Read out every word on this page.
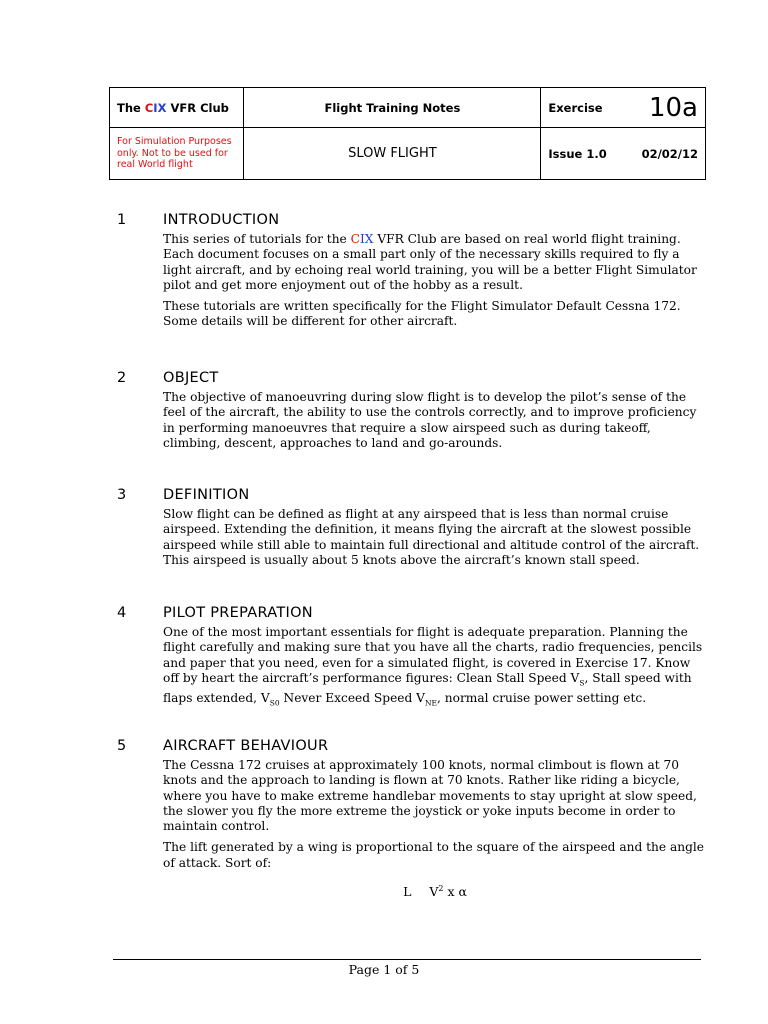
The CIX VFR Club	Flight Training Notes	Exercise 10a

For Simulation Purposes only. Not to be used for real World flight	SLOW FLIGHT	Issue 1.0 02/02/12
1	INTRODUCTION

This series of tutorials for the CIX VFR Club are based on real world flight training. Each document focuses on a small part only of the necessary skills required to fly a light aircraft, and by echoing real world training, you will be a better Flight Simulator pilot and get more enjoyment out of the hobby as a result.

These tutorials are written specifically for the Flight Simulator Default Cessna 172. Some details will be different for other aircraft.

2	OBJECT

The objective of manoeuvring during slow flight is to develop the pilot’s sense of the feel of the aircraft, the ability to use the controls correctly, and to improve proficiency in performing manoeuvres that require a slow airspeed such as during takeoff, climbing, descent, approaches to land and go-arounds.

3	DEFINITION

Slow flight can be defined as flight at any airspeed that is less than normal cruise airspeed. Extending the definition, it means flying the aircraft at the slowest possible airspeed while still able to maintain full directional and altitude control of the aircraft. This airspeed is usually about 5 knots above the aircraft’s known stall speed.

4	PILOT PREPARATION

One of the most important essentials for flight is adequate preparation. Planning the flight carefully and making sure that you have all the charts, radio frequencies, pencils and paper that you need, even for a simulated flight, is covered in Exercise 17. Know off by heart the aircraft’s performance figures: Clean Stall Speed $V_S$, Stall speed with flaps extended, $V_{S0}$ Never Exceed Speed $V_{NE}$, normal cruise power setting etc.

5	AIRCRAFT BEHAVIOUR

The Cessna 172 cruises at approximately 100 knots, normal climbout is flown at 70 knots and the approach to landing is flown at 70 knots. Rather like riding a bicycle, where you have to make extreme handlebar movements to stay upright at slow speed, the slower you fly the more extreme the joystick or yoke inputs become in order to maintain control.

The lift generated by a wing is proportional to the square of the airspeed and the angle of attack. Sort of:

L $V^2$ x α
Page 1 of 5
